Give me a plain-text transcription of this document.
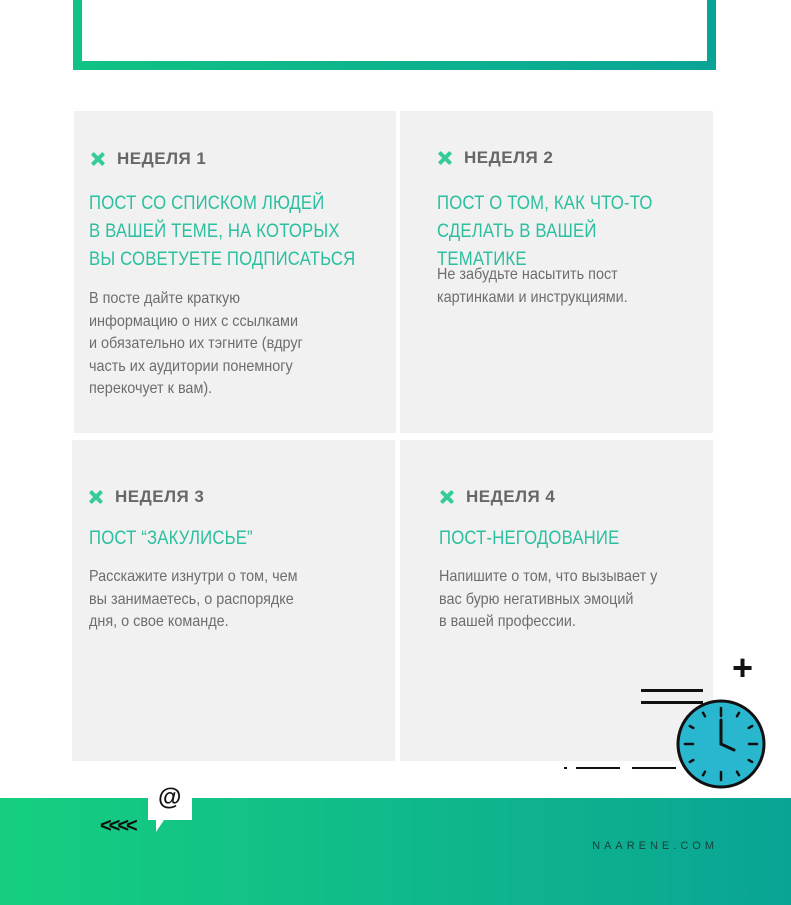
НЕДЕЛЯ 1
ПОСТ СО СПИСКОМ ЛЮДЕЙ
В ВАШЕЙ ТЕМЕ, НА КОТОРЫХ
ВЫ СОВЕТУЕТЕ ПОДПИСАТЬСЯ

В посте дайте краткую
информацию о них с ссылками
и обязательно их тэгните (вдруг
часть их аудитории понемногу
перекочует к вам).

НЕДЕЛЯ 2
ПОСТ О ТОМ, КАК ЧТО-ТО
СДЕЛАТЬ В ВАШЕЙ ТЕМАТИКЕ

Не забудьте насытить пост
картинками и инструкциями.

НЕДЕЛЯ 3
ПОСТ “ЗАКУЛИСЬЕ”

Расскажите изнутри о том, чем
вы занимаетесь, о распорядке
дня, о свое команде.

НЕДЕЛЯ 4
ПОСТ-НЕГОДОВАНИЕ

Напишите о том, что вызывает у
вас бурю негативных эмоций
в вашей профессии.

NAARENE.COM
<<<<
@
+
